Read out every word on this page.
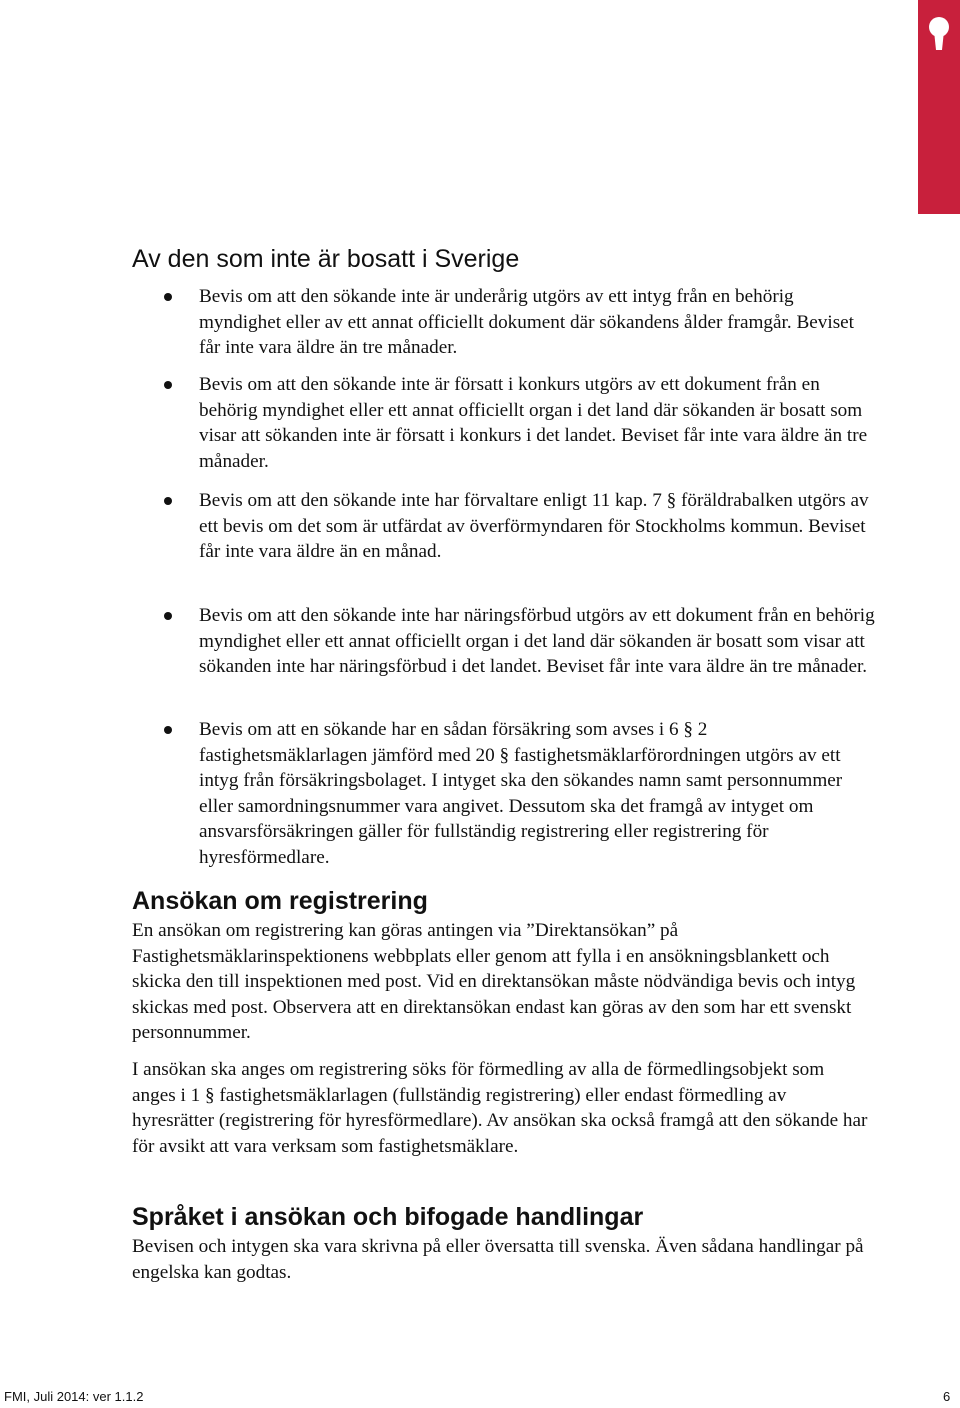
Av den som inte är bosatt i Sverige
Bevis om att den sökande inte är underårig utgörs av ett intyg från en behörig myndighet eller av ett annat officiellt dokument där sökandens ålder framgår. Beviset får inte vara äldre än tre månader.
Bevis om att den sökande inte är försatt i konkurs utgörs av ett dokument från en behörig myndighet eller ett annat officiellt organ i det land där sökanden är bosatt som visar att sökanden inte är försatt i konkurs i det landet. Beviset får inte vara äldre än tre månader.
Bevis om att den sökande inte har förvaltare enligt 11 kap. 7 § föräldrabalken utgörs av ett bevis om det som är utfärdat av överförmyndaren för Stockholms kommun. Beviset får inte vara äldre än en månad.
Bevis om att den sökande inte har näringsförbud utgörs av ett dokument från en behörig myndighet eller ett annat officiellt organ i det land där sökanden är bosatt som visar att sökanden inte har näringsförbud i det landet. Beviset får inte vara äldre än tre månader.
Bevis om att en sökande har en sådan försäkring som avses i 6 § 2 fastighetsmäklarlagen jämförd med 20 § fastighetsmäklarförordningen utgörs av ett intyg från försäkringsbolaget. I intyget ska den sökandes namn samt personnummer eller samordningsnummer vara angivet. Dessutom ska det framgå av intyget om ansvarsförsäkringen gäller för fullständig registrering eller registrering för hyresförmedlare.
Ansökan om registrering

En ansökan om registrering kan göras antingen via ”Direktansökan” på Fastighetsmäklarinspektionens webbplats eller genom att fylla i en ansökningsblankett och skicka den till inspektionen med post. Vid en direktansökan måste nödvändiga bevis och intyg skickas med post. Observera att en direktansökan endast kan göras av den som har ett svenskt personnummer.

I ansökan ska anges om registrering söks för förmedling av alla de förmedlingsobjekt som anges i 1 § fastighetsmäklarlagen (fullständig registrering) eller endast förmedling av hyresrätter (registrering för hyresförmedlare). Av ansökan ska också framgå att den sökande har för avsikt att vara verksam som fastighetsmäklare.

Språket i ansökan och bifogade handlingar

Bevisen och intygen ska vara skrivna på eller översatta till svenska. Även sådana handlingar på engelska kan godtas.

FMI, Juli 2014: ver 1.1.2	6
